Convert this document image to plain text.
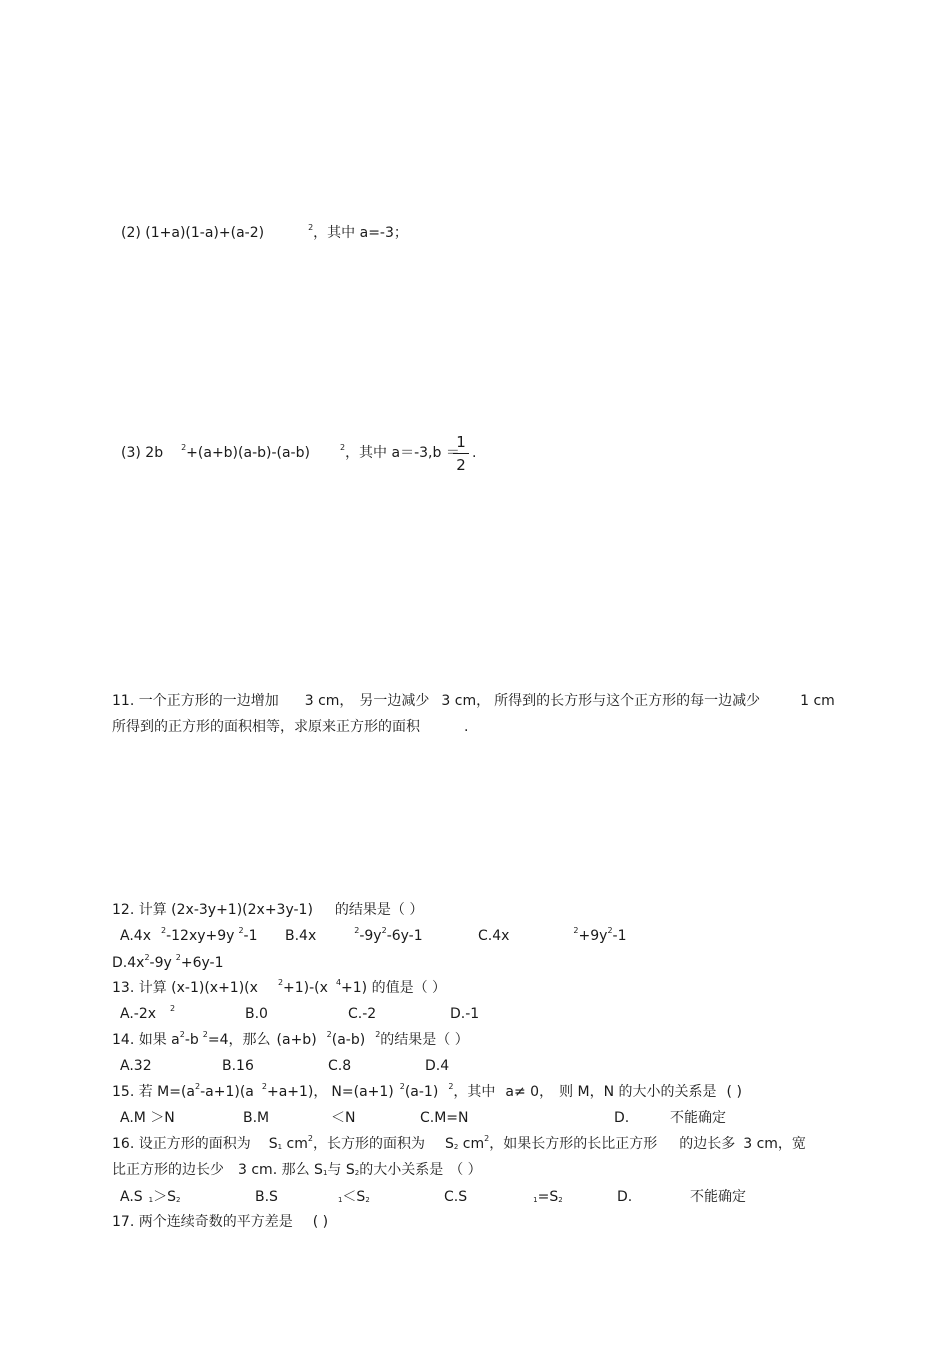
(2) (1+a)(1-a)+(a-2)	$^2$，其中 a=-3；
(3) 2b $^2$+(a+b)(a-b)-(a-b)	$^2$，其中 a＝-3,b ＝
1
2
.
11. 一个正方形的一边增加 3 cm， 另一边减少 3 cm， 所得到的长方形与这个正方形的每一边减少	1 cm
所得到的正方形的面积相等，求原来正方形的面积	.
12. 计算 (2x-3y+1)(2x+3y-1) 的结果是（ ）
A.4x $^2$-12xy+9y $^2$-1 B.4x	$^2-9y^2-6y-1$	C.4x	$^2+9y^2-1$
$D.4x^2-9y$ $^2$+6y-1
13. 计算 (x-1)(x+1)(x	$^2$+1)-(x $^4$+1) 的值是（ ）
A.-2x $^2$	B.0	C.-2	D.-1
14. 如果 $a^2-b$ $^2$=4，那么 (a+b) $^2$(a-b) $^2$的结果是（ ）
A.32	B.16	C.8	D.4
15. 若 $M=(a^2-a+1)(a$ $^2$+a+1)， N=(a+1) $^2$(a-1) $^2$，其中 a≠ 0， 则 M，N 的大小的关系是 ( )
A.M ＞N	B.M	＜N	C.M=N	D.	不能确定
16. 设正方形的面积为 $S_1$ $cm^2$，长方形的面积为 $S_2$ $cm^2$，如果长方形的长比正方形 的边长多 3 cm，宽
比正方形的边长少 3 cm. 那么 $S_1$与 $S_2$的大小关系是 （ ）
A.S $_1>S_2$	B.S	$_1<S_2$	C.S	$_1=S_2$	D.	不能确定
17. 两个连续奇数的平方差是 ( )
